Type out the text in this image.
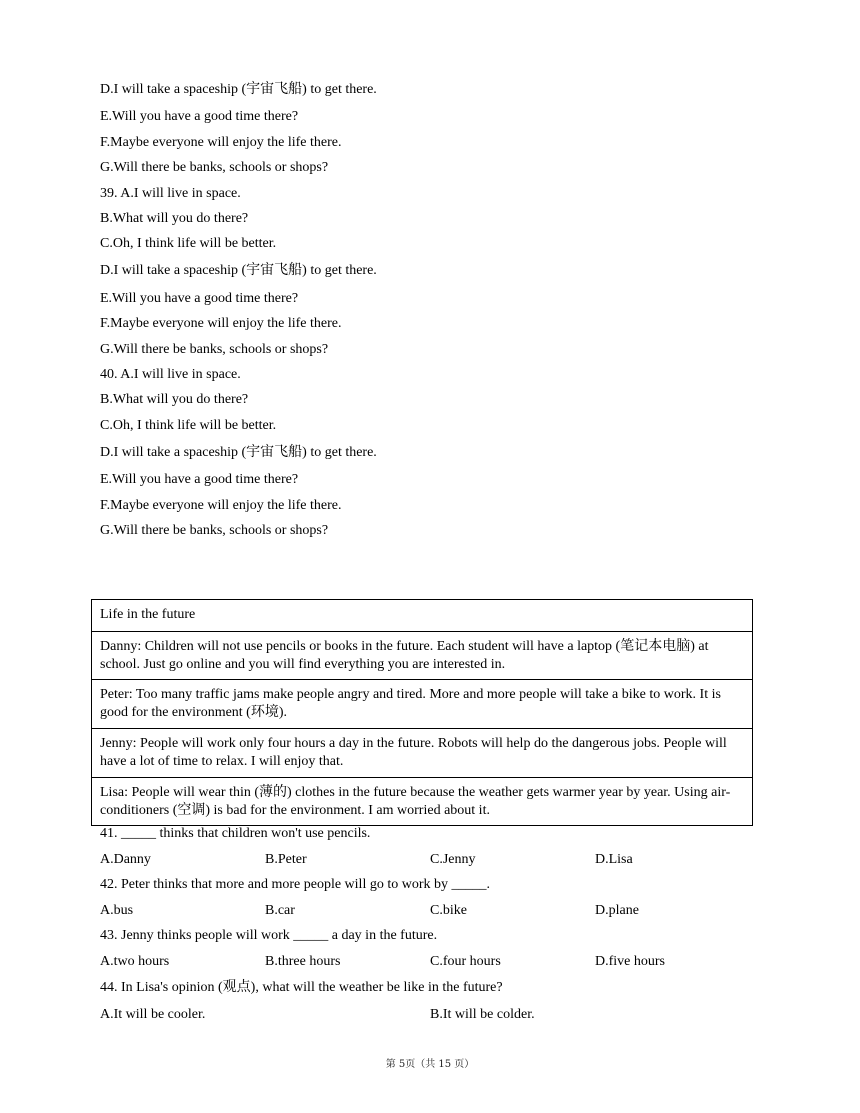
D.I will take a spaceship (宇宙飞船) to get there.
E.Will you have a good time there?
F.Maybe everyone will enjoy the life there.
G.Will there be banks, schools or shops?
39. A.I will live in space.
B.What will you do there?
C.Oh, I think life will be better.
D.I will take a spaceship (宇宙飞船) to get there.
E.Will you have a good time there?
F.Maybe everyone will enjoy the life there.
G.Will there be banks, schools or shops?
40. A.I will live in space.
B.What will you do there?
C.Oh, I think life will be better.
D.I will take a spaceship (宇宙飞船) to get there.
E.Will you have a good time there?
F.Maybe everyone will enjoy the life there.
G.Will there be banks, schools or shops?
Life in the future
Danny: Children will not use pencils or books in the future. Each student will have a laptop (笔记本电脑) at school. Just go online and you will find everything you are interested in.
Peter: Too many traffic jams make people angry and tired. More and more people will take a bike to work. It is good for the environment (环境).
Jenny: People will work only four hours a day in the future. Robots will help do the dangerous jobs. People will have a lot of time to relax. I will enjoy that.
Lisa: People will wear thin (薄的) clothes in the future because the weather gets warmer year by year. Using air-conditioners (空调) is bad for the environment. I am worried about it.
41. _____ thinks that children won't use pencils.
A.Danny	B.Peter	C.Jenny	D.Lisa
42. Peter thinks that more and more people will go to work by _____.
A.bus	B.car	C.bike	D.plane
43. Jenny thinks people will work _____ a day in the future.
A.two hours	B.three hours	C.four hours	D.five hours
44. In Lisa's opinion (观点), what will the weather be like in the future?
A.It will be cooler.	B.It will be colder.
第 5页（共 15 页）
